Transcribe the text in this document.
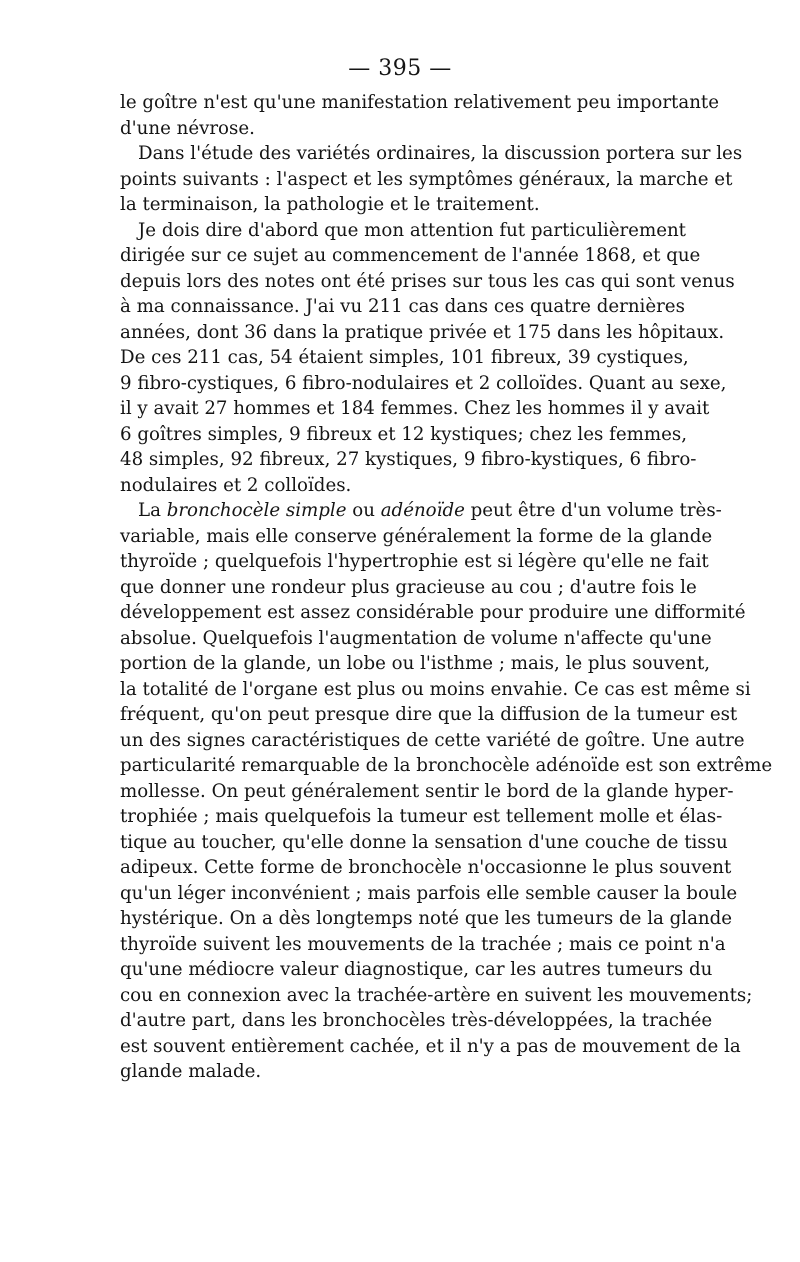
— 395 —
le goître n'est qu'une manifestation relativement peu importante
d'une névrose.
Dans l'étude des variétés ordinaires, la discussion portera sur les
points suivants : l'aspect et les symptômes généraux, la marche et
la terminaison, la pathologie et le traitement.
Je dois dire d'abord que mon attention fut particulièrement
dirigée sur ce sujet au commencement de l'année 1868, et que
depuis lors des notes ont été prises sur tous les cas qui sont venus
à ma connaissance. J'ai vu 211 cas dans ces quatre dernières
années, dont 36 dans la pratique privée et 175 dans les hôpitaux.
De ces 211 cas, 54 étaient simples, 101 fibreux, 39 cystiques,
9 fibro-cystiques, 6 fibro-nodulaires et 2 colloïdes. Quant au sexe,
il y avait 27 hommes et 184 femmes. Chez les hommes il y avait
6 goîtres simples, 9 fibreux et 12 kystiques; chez les femmes,
48 simples, 92 fibreux, 27 kystiques, 9 fibro-kystiques, 6 fibro-
nodulaires et 2 colloïdes.
La bronchocèle simple ou adénoïde peut être d'un volume très-
variable, mais elle conserve généralement la forme de la glande
thyroïde ; quelquefois l'hypertrophie est si légère qu'elle ne fait
que donner une rondeur plus gracieuse au cou ; d'autre fois le
développement est assez considérable pour produire une difformité
absolue. Quelquefois l'augmentation de volume n'affecte qu'une
portion de la glande, un lobe ou l'isthme ; mais, le plus souvent,
la totalité de l'organe est plus ou moins envahie. Ce cas est même si
fréquent, qu'on peut presque dire que la diffusion de la tumeur est
un des signes caractéristiques de cette variété de goître. Une autre
particularité remarquable de la bronchocèle adénoïde est son extrême
mollesse. On peut généralement sentir le bord de la glande hyper-
trophiée ; mais quelquefois la tumeur est tellement molle et élas-
tique au toucher, qu'elle donne la sensation d'une couche de tissu
adipeux. Cette forme de bronchocèle n'occasionne le plus souvent
qu'un léger inconvénient ; mais parfois elle semble causer la boule
hystérique. On a dès longtemps noté que les tumeurs de la glande
thyroïde suivent les mouvements de la trachée ; mais ce point n'a
qu'une médiocre valeur diagnostique, car les autres tumeurs du
cou en connexion avec la trachée-artère en suivent les mouvements;
d'autre part, dans les bronchocèles très-développées, la trachée
est souvent entièrement cachée, et il n'y a pas de mouvement de la
glande malade.
